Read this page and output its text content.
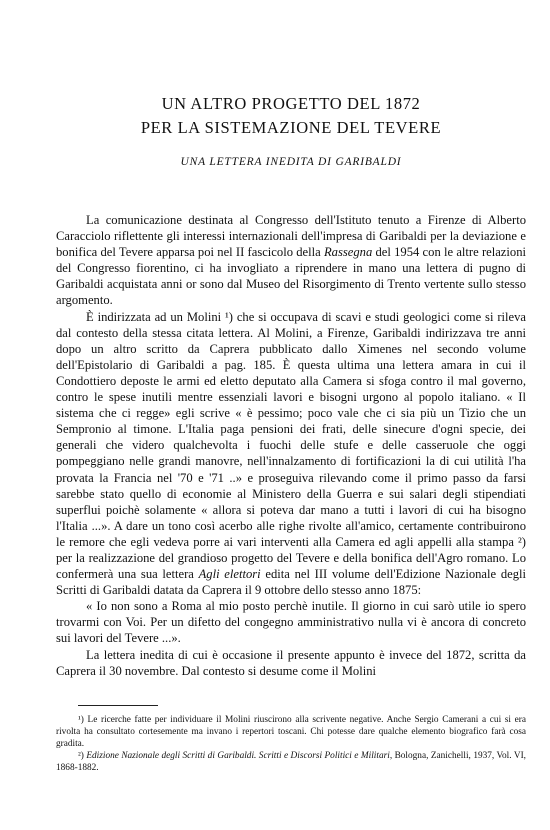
UN ALTRO PROGETTO DEL 1872
PER LA SISTEMAZIONE DEL TEVERE
UNA LETTERA INEDITA DI GARIBALDI

La comunicazione destinata al Congresso dell'Istituto tenuto a Firenze di Alberto Caracciolo riflettente gli interessi internazionali dell'impresa di Garibaldi per la deviazione e bonifica del Tevere apparsa poi nel II fascicolo della Rassegna del 1954 con le altre relazioni del Congresso fiorentino, ci ha invogliato a riprendere in mano una lettera di pugno di Garibaldi acquistata anni or sono dal Museo del Risorgimento di Trento vertente sullo stesso argomento.

È indirizzata ad un Molini ¹) che si occupava di scavi e studi geologici come si rileva dal contesto della stessa citata lettera. Al Molini, a Firenze, Garibaldi indirizzava tre anni dopo un altro scritto da Caprera pubblicato dallo Ximenes nel secondo volume dell'Epistolario di Garibaldi a pag. 185. È questa ultima una lettera amara in cui il Condottiero deposte le armi ed eletto deputato alla Camera si sfoga contro il mal governo, contro le spese inutili mentre essenziali lavori e bisogni urgono al popolo italiano. « Il sistema che ci regge» egli scrive « è pessimo; poco vale che ci sia più un Tizio che un Sempronio al timone. L'Italia paga pensioni dei frati, delle sinecure d'ogni specie, dei generali che videro qualchevolta i fuochi delle stufe e delle casseruole che oggi pompeggiano nelle grandi manovre, nell'innalzamento di fortificazioni la di cui utilità l'ha provata la Francia nel '70 e '71 ..» e proseguiva rilevando come il primo passo da farsi sarebbe stato quello di economie al Ministero della Guerra e sui salari degli stipendiati superflui poichè solamente « allora si poteva dar mano a tutti i lavori di cui ha bisogno l'Italia ...». A dare un tono così acerbo alle righe rivolte all'amico, certamente contribuirono le remore che egli vedeva porre ai vari interventi alla Camera ed agli appelli alla stampa ²) per la realizzazione del grandioso progetto del Tevere e della bonifica dell'Agro romano. Lo confermerà una sua lettera Agli elettori edita nel III volume dell'Edizione Nazionale degli Scritti di Garibaldi datata da Caprera il 9 ottobre dello stesso anno 1875:

« Io non sono a Roma al mio posto perchè inutile. Il giorno in cui sarò utile io spero trovarmi con Voi. Per un difetto del congegno amministrativo nulla vi è ancora di concreto sui lavori del Tevere ...».

La lettera inedita di cui è occasione il presente appunto è invece del 1872, scritta da Caprera il 30 novembre. Dal contesto si desume come il Molini

¹) Le ricerche fatte per individuare il Molini riuscirono alla scrivente negative. Anche Sergio Camerani a cui si era rivolta ha consultato cortesemente ma invano i repertori toscani. Chi potesse dare qualche elemento biografico farà cosa gradita.

²) Edizione Nazionale degli Scritti di Garibaldi. Scritti e Discorsi Politici e Militari, Bologna, Zanichelli, 1937, Vol. VI, 1868-1882.
